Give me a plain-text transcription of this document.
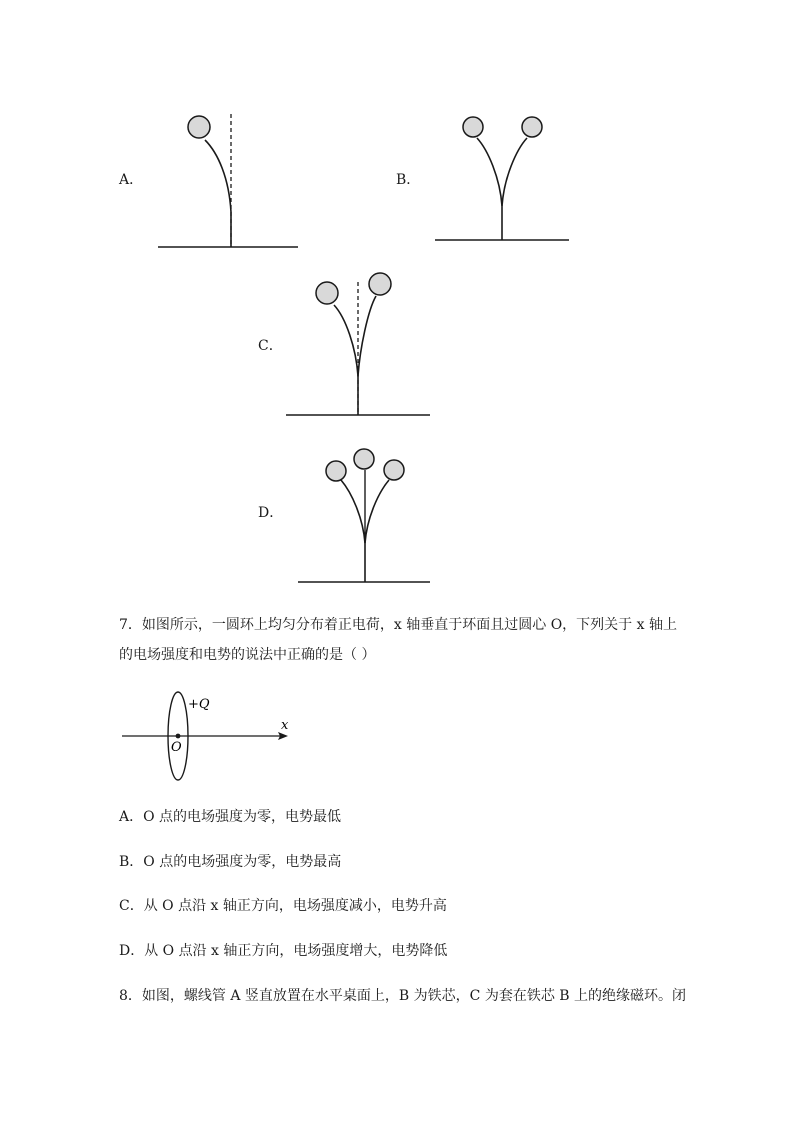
A．	B．
C．
D．
7．如图所示，一圆环上均匀分布着正电荷，x 轴垂直于环面且过圆心 O，下列关于 x 轴上
的电场强度和电势的说法中正确的是（ ）
+Q
x
O
A．O 点的电场强度为零，电势最低
B．O 点的电场强度为零，电势最高
C．从 O 点沿 x 轴正方向，电场强度减小，电势升高
D．从 O 点沿 x 轴正方向，电场强度增大，电势降低
8．如图，螺线管 A 竖直放置在水平桌面上，B 为铁芯，C 为套在铁芯 B 上的绝缘磁环。闭
